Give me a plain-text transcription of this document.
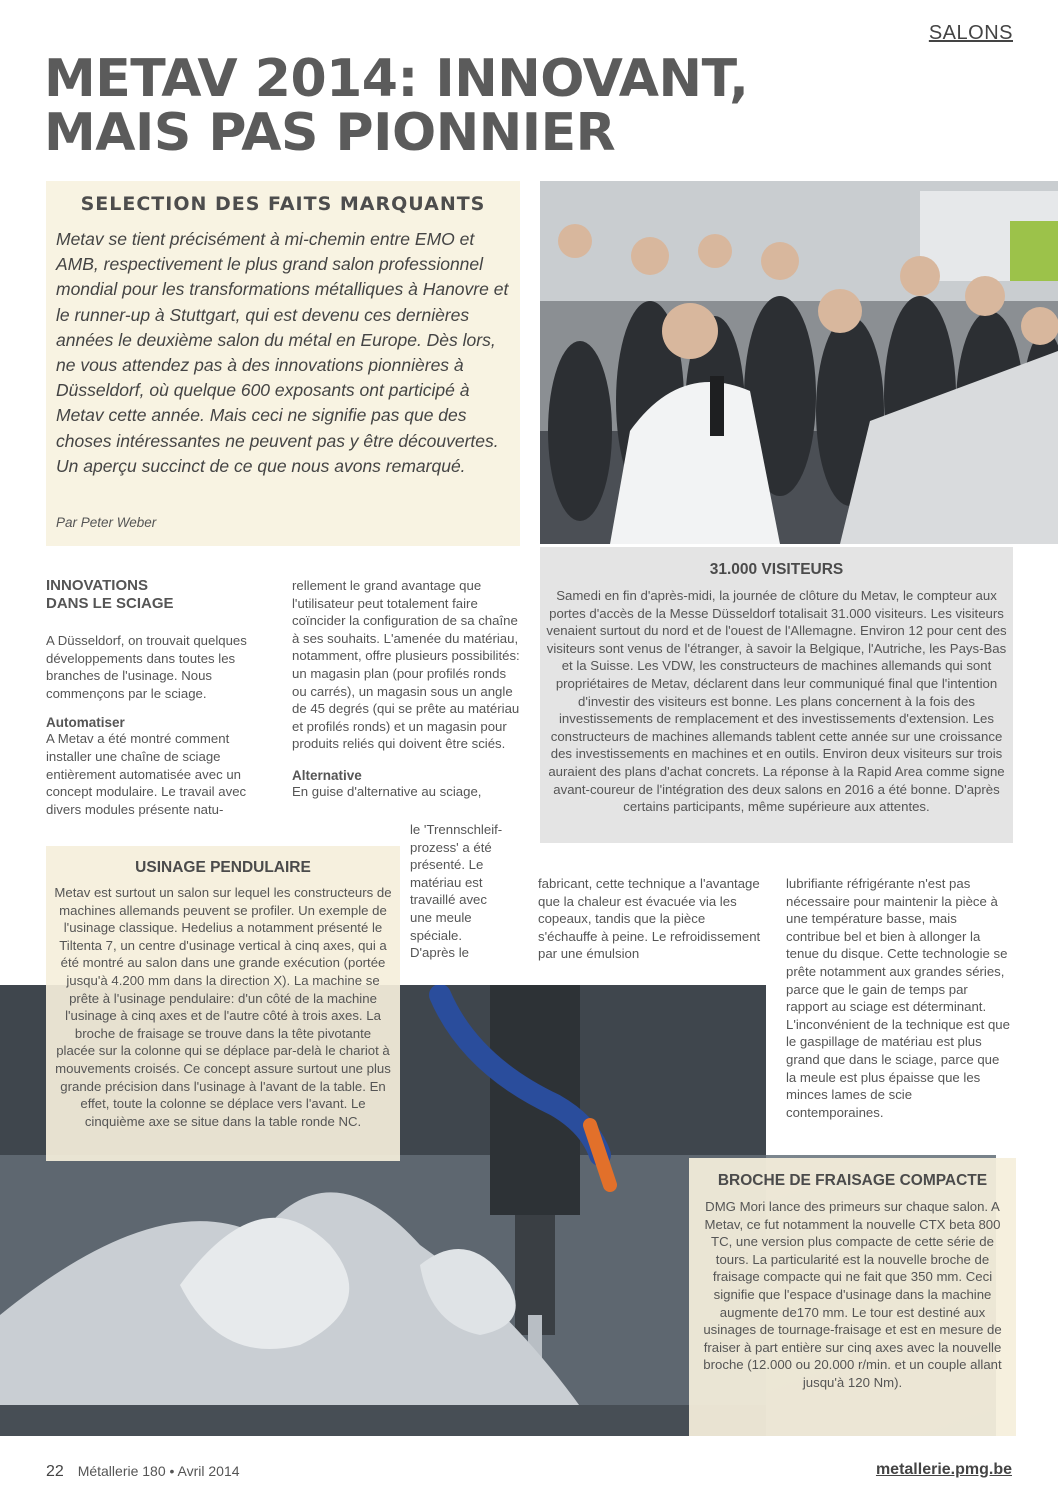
SALONS
METAV 2014: INNOVANT,
MAIS PAS PIONNIER
SELECTION DES FAITS MARQUANTS
Metav se tient précisément à mi-chemin entre EMO et AMB, respectivement le plus grand salon professionnel mondial pour les transformations métalliques à Hanovre et le runner-up à Stuttgart, qui est devenu ces dernières années le deuxième salon du métal en Europe. Dès lors, ne vous attendez pas à des innovations pionnières à Düsseldorf, où quelque 600 exposants ont participé à Metav cette année. Mais ceci ne signifie pas que des choses intéressantes ne peuvent pas y être découvertes. Un aperçu succinct de ce que nous avons remarqué.
Par Peter Weber
31.000 VISITEURS
Samedi en fin d'après-midi, la journée de clôture du Metav, le compteur aux portes d'accès de la Messe Düsseldorf totalisait 31.000 visiteurs. Les visiteurs venaient surtout du nord et de l'ouest de l'Allemagne. Environ 12 pour cent des visiteurs sont venus de l'étranger, à savoir la Belgique, l'Autriche, les Pays-Bas et la Suisse. Les VDW, les constructeurs de machines allemands qui sont propriétaires de Metav, déclarent dans leur communiqué final que l'intention d'investir des visiteurs est bonne. Les plans concernent à la fois des investissements de remplacement et des investissements d'extension. Les constructeurs de machines allemands tablent cette année sur une croissance des investissements en machines et en outils. Environ deux visiteurs sur trois auraient des plans d'achat concrets. La réponse à la Rapid Area comme signe avant-coureur de l'intégration des deux salons en 2016 a été bonne. D'après certains participants, même supérieure aux attentes.
INNOVATIONS DANS LE SCIAGE
A Düsseldorf, on trouvait quelques développements dans toutes les branches de l'usinage. Nous commençons par le sciage.
Automatiser
A Metav a été montré comment installer une chaîne de sciage entièrement automatisée avec un concept modulaire. Le travail avec divers modules présente natu-
rellement le grand avantage que l'utilisateur peut totalement faire coïncider la configuration de sa chaîne à ses souhaits. L'amenée du matériau, notamment, offre plusieurs possibilités: un magasin plan (pour profilés ronds ou carrés), un magasin sous un angle de 45 degrés (qui se prête au matériau et profilés ronds) et un magasin pour produits reliés qui doivent être sciés.
Alternative
En guise d'alternative au sciage,
le 'Trennschleif-prozess' a été présenté. Le matériau est travaillé avec une meule spéciale. D'après le
fabricant, cette technique a l'avantage que la chaleur est évacuée via les copeaux, tandis que la pièce s'échauffe à peine. Le refroidissement par une émulsion
lubrifiante réfrigérante n'est pas nécessaire pour maintenir la pièce à une température basse, mais contribue bel et bien à allonger la tenue du disque. Cette technologie se prête notamment aux grandes séries, parce que le gain de temps par rapport au sciage est déterminant. L'inconvénient de la technique est que le gaspillage de matériau est plus grand que dans le sciage, parce que la meule est plus épaisse que les minces lames de scie contemporaines.
USINAGE PENDULAIRE
Metav est surtout un salon sur lequel les constructeurs de machines allemands peuvent se profiler. Un exemple de l'usinage classique. Hedelius a notamment présenté le Tiltenta 7, un centre d'usinage vertical à cinq axes, qui a été montré au salon dans une grande exécution (portée jusqu'à 4.200 mm dans la direction X). La machine se prête à l'usinage pendulaire: d'un côté de la machine l'usinage à cinq axes et de l'autre côté à trois axes. La broche de fraisage se trouve dans la tête pivotante placée sur la colonne qui se déplace par-delà le chariot à mouvements croisés. Ce concept assure surtout une plus grande précision dans l'usinage à l'avant de la table. En effet, toute la colonne se déplace vers l'avant. Le cinquième axe se situe dans la table ronde NC.
BROCHE DE FRAISAGE COMPACTE
DMG Mori lance des primeurs sur chaque salon. A Metav, ce fut notamment la nouvelle CTX beta 800 TC, une version plus compacte de cette série de tours. La particularité est la nouvelle broche de fraisage compacte qui ne fait que 350 mm. Ceci signifie que l'espace d'usinage dans la machine augmente de170 mm. Le tour est destiné aux usinages de tournage-fraisage et est en mesure de fraiser à part entière sur cinq axes avec la nouvelle broche (12.000 ou 20.000 r/min. et un couple allant jusqu'à 120 Nm).
22 Métallerie 180 • Avril 2014	metallerie.pmg.be
